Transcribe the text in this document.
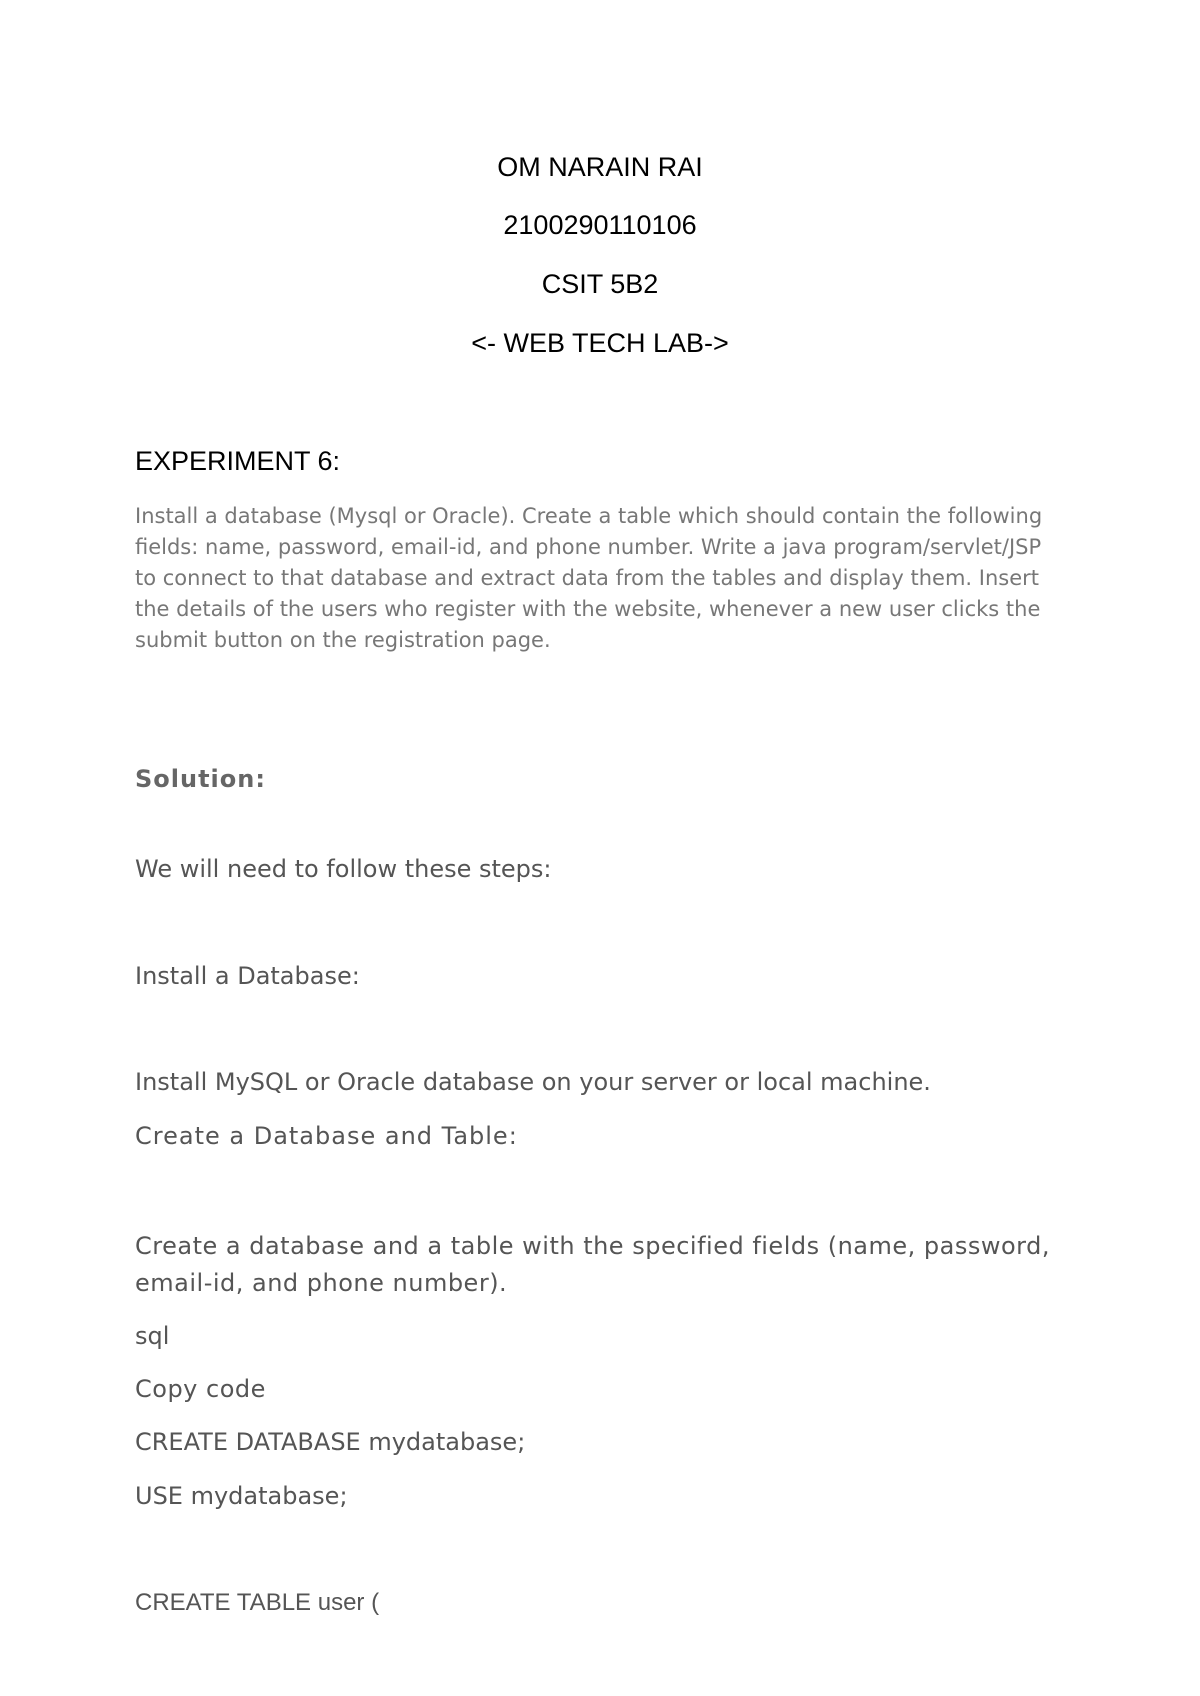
OM NARAIN RAI
2100290110106
CSIT 5B2
<- WEB TECH LAB->
EXPERIMENT 6:
Install a database (Mysql or Oracle). Create a table which should contain the following fields: name, password, email-id, and phone number. Write a java program/servlet/JSP to connect to that database and extract data from the tables and display them. Insert the details of the users who register with the website, whenever a new user clicks the submit button on the registration page.
Solution:
We will need to follow these steps:
Install a Database:
Install MySQL or Oracle database on your server or local machine.
Create a Database and Table:
Create a database and a table with the specified fields (name, password, email-id, and phone number).
sql
Copy code
CREATE DATABASE mydatabase;
USE mydatabase;
CREATE TABLE user (
